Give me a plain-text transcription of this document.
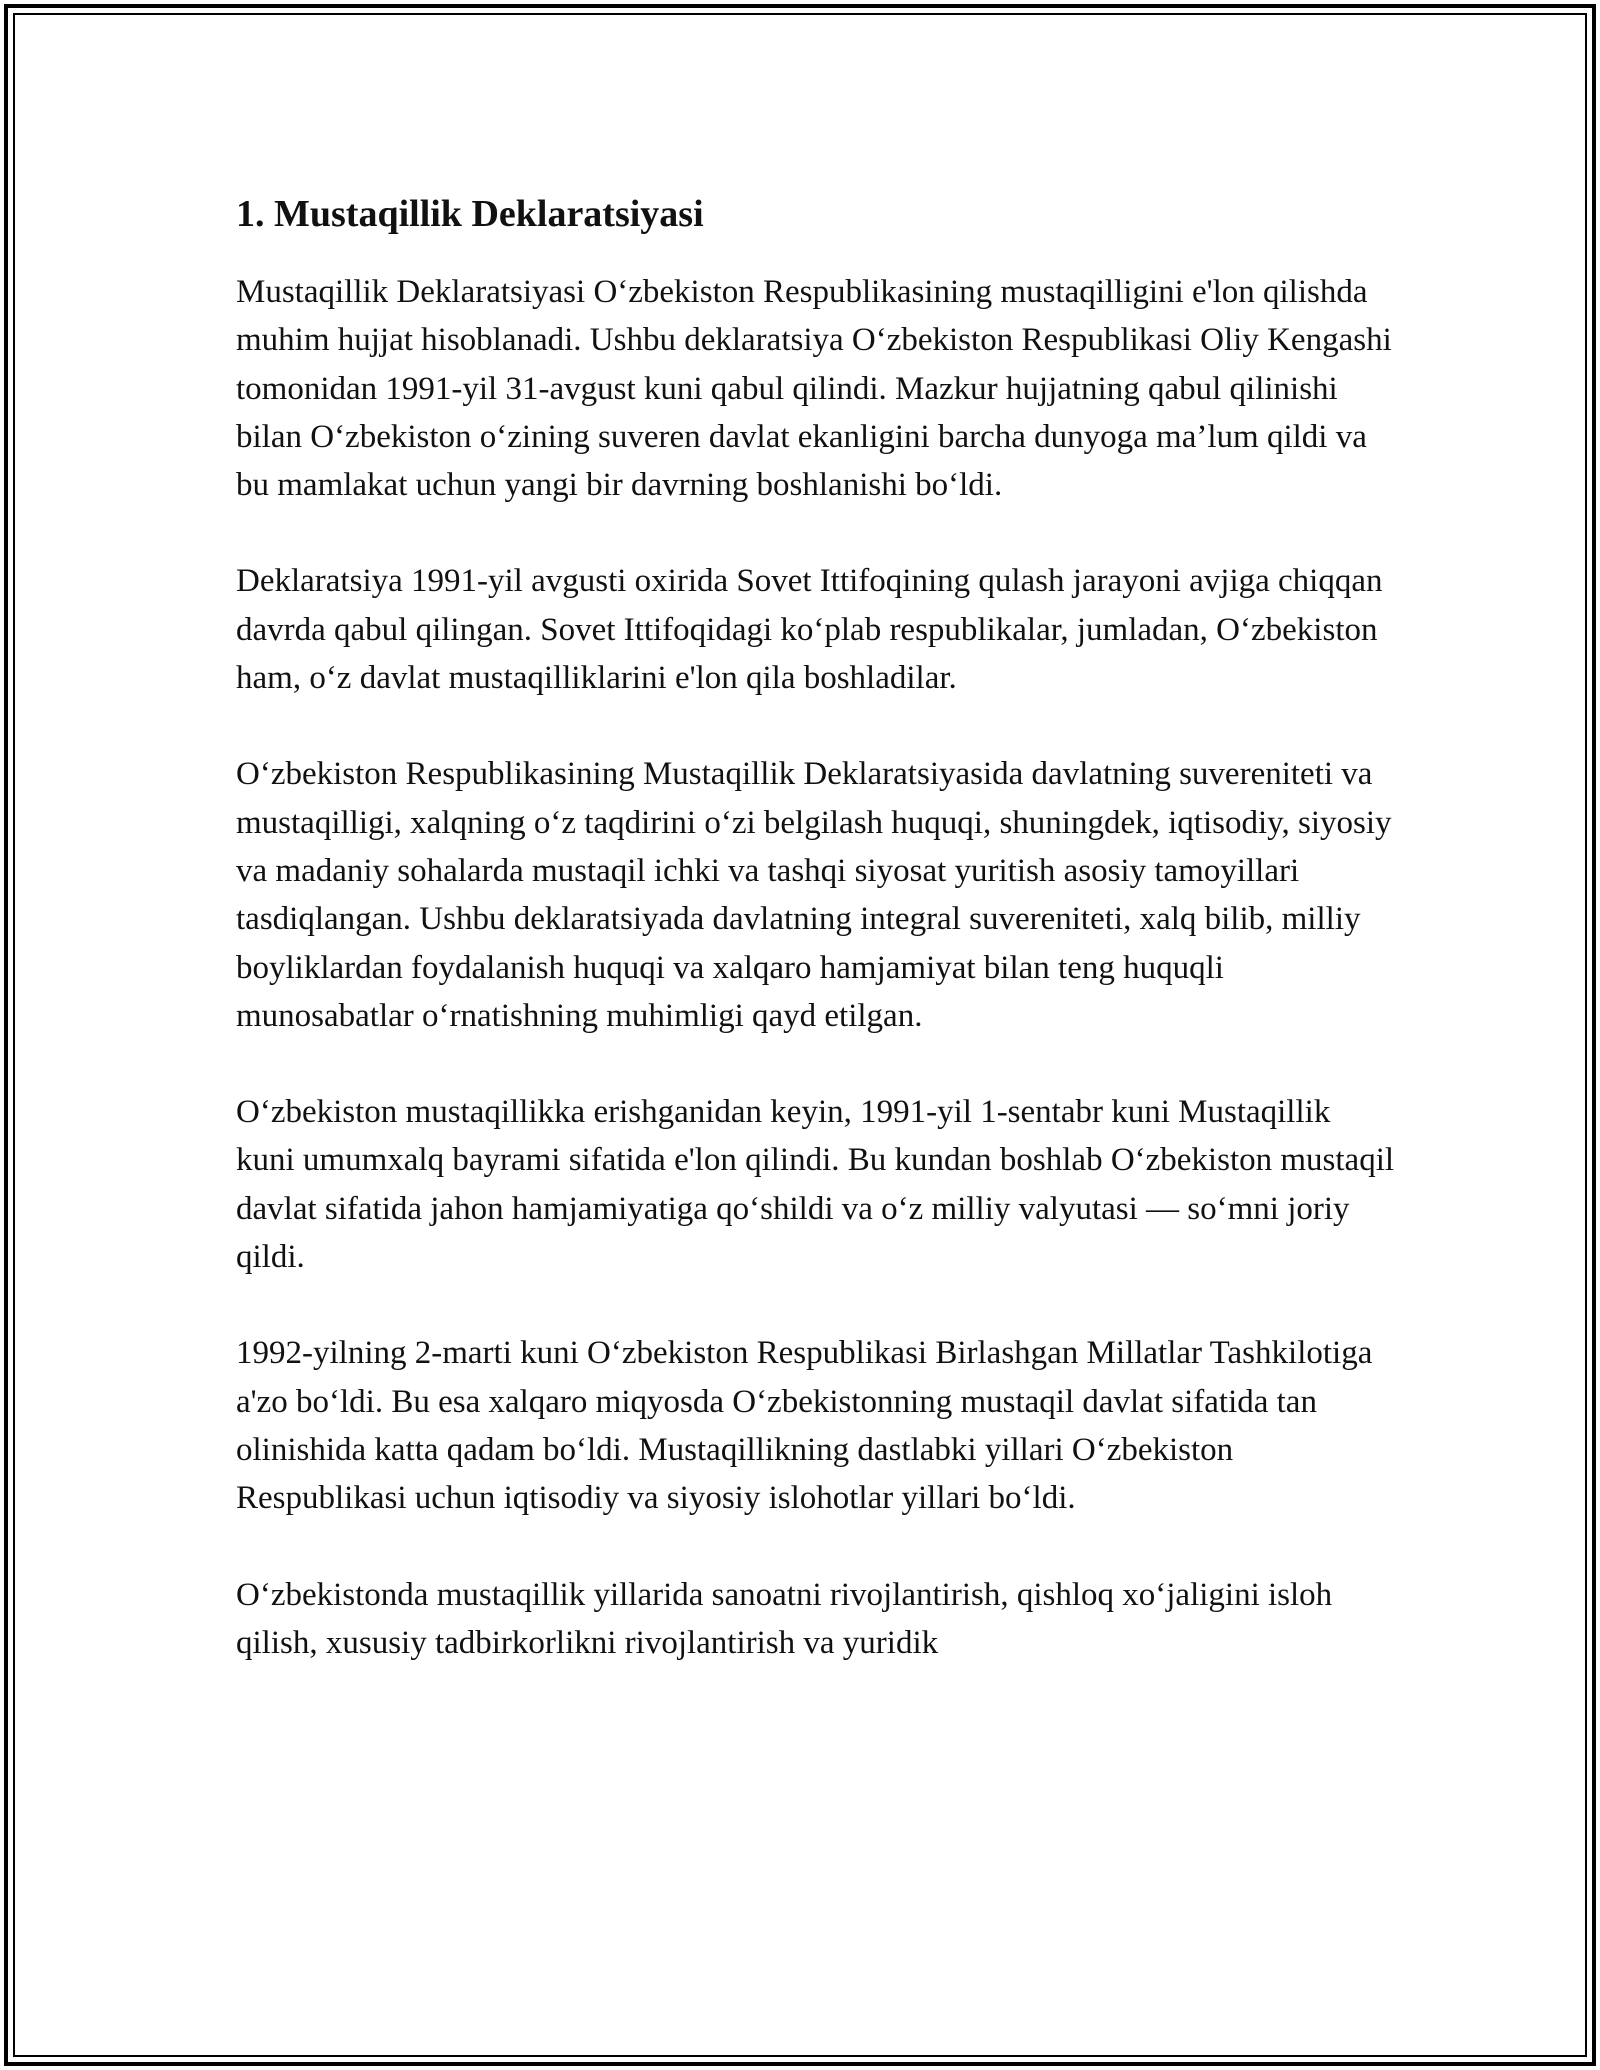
1. Mustaqillik Deklaratsiyasi

Mustaqillik Deklaratsiyasi O‘zbekiston Respublikasining mustaqilligini e'lon qilishda muhim hujjat hisoblanadi. Ushbu deklaratsiya O‘zbekiston Respublikasi Oliy Kengashi tomonidan 1991-yil 31-avgust kuni qabul qilindi. Mazkur hujjatning qabul qilinishi bilan O‘zbekiston o‘zining suveren davlat ekanligini barcha dunyoga ma’lum qildi va bu mamlakat uchun yangi bir davrning boshlanishi bo‘ldi.

Deklaratsiya 1991-yil avgusti oxirida Sovet Ittifoqining qulash jarayoni avjiga chiqqan davrda qabul qilingan. Sovet Ittifoqidagi ko‘plab respublikalar, jumladan, O‘zbekiston ham, o‘z davlat mustaqilliklarini e'lon qila boshladilar.

O‘zbekiston Respublikasining Mustaqillik Deklaratsiyasida davlatning suvereniteti va mustaqilligi, xalqning o‘z taqdirini o‘zi belgilash huquqi, shuningdek, iqtisodiy, siyosiy va madaniy sohalarda mustaqil ichki va tashqi siyosat yuritish asosiy tamoyillari tasdiqlangan. Ushbu deklaratsiyada davlatning integral suvereniteti, xalq bilib, milliy boyliklardan foydalanish huquqi va xalqaro hamjamiyat bilan teng huquqli munosabatlar o‘rnatishning muhimligi qayd etilgan.

O‘zbekiston mustaqillikka erishganidan keyin, 1991-yil 1-sentabr kuni Mustaqillik kuni umumxalq bayrami sifatida e'lon qilindi. Bu kundan boshlab O‘zbekiston mustaqil davlat sifatida jahon hamjamiyatiga qo‘shildi va o‘z milliy valyutasi — so‘mni joriy qildi.

1992-yilning 2-marti kuni O‘zbekiston Respublikasi Birlashgan Millatlar Tashkilotiga a'zo bo‘ldi. Bu esa xalqaro miqyosda O‘zbekistonning mustaqil davlat sifatida tan olinishida katta qadam bo‘ldi. Mustaqillikning dastlabki yillari O‘zbekiston Respublikasi uchun iqtisodiy va siyosiy islohotlar yillari bo‘ldi.

O‘zbekistonda mustaqillik yillarida sanoatni rivojlantirish, qishloq xo‘jaligini isloh qilish, xususiy tadbirkorlikni rivojlantirish va yuridik
